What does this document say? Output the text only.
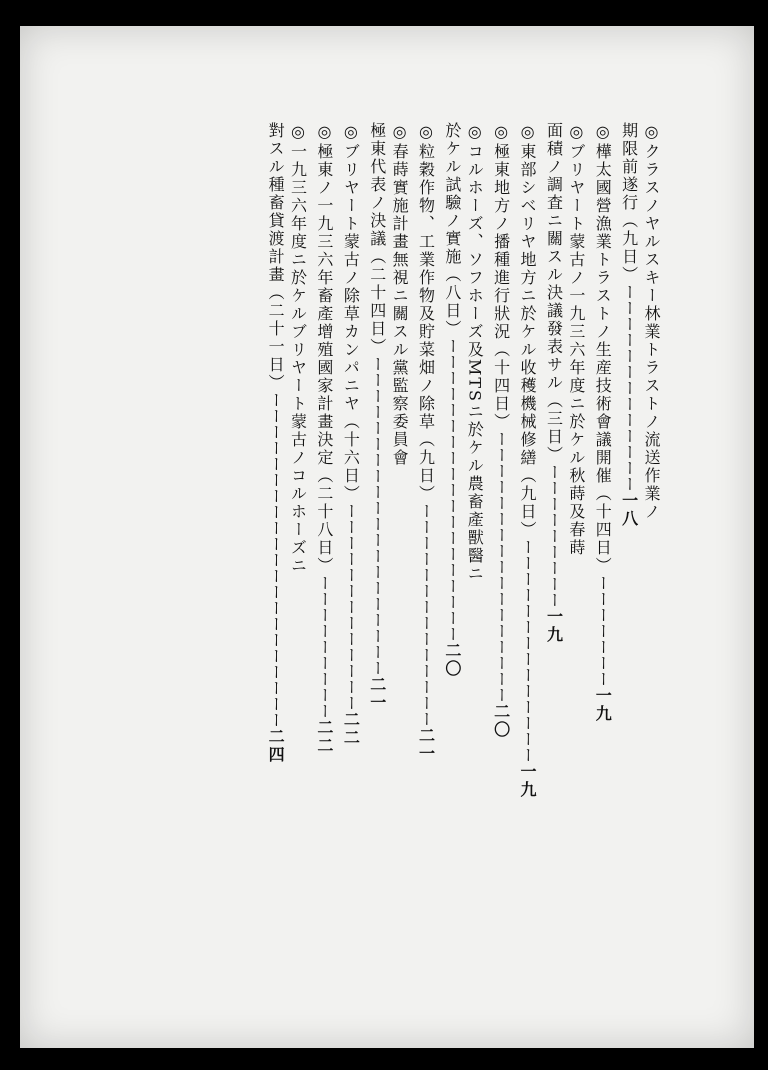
◎クラスノヤルスキー林業トラストノ流送作業ノ
期限前遂行（九日）ーーーーーーーーーーーーー一八
◎樺太國營漁業トラストノ生産技術會議開催（十四日）ーーーーーーー一九
◎ブリヤート蒙古ノ一九三六年度ニ於ケル秋蒔及春蒔
面積ノ調査ニ關スル決議發表サル（三日）ーーーーーーーーー一九
◎東部シベリヤ地方ニ於ケル收穫機械修繕（九日）ーーーーーーーーーーーーーー一九
◎極東地方ノ播種進行狀況（十四日）ーーーーーーーーーーーーーーーーー二〇
◎コルホーズ、ソフホーズ及MTSニ於ケル農畜產獸醫ニ
於ケル試驗ノ實施（八日）ーーーーーーーーーーーーーーーーーーー二〇
◎粒穀作物、工業作物及貯菜畑ノ除草（九日）ーーーーーーーーーーーーーー二一
◎春蒔實施計畫無視ニ關スル黨監察委員會
極東代表ノ決議（二十四日）ーーーーーーーーーーーーーーーーーーーー二一
◎ブリヤート蒙古ノ除草カンパニヤ（十六日）ーーーーーーーーーーーーー二二
◎極東ノ一九三六年畜產增殖國家計畫決定（二十八日）ーーーーーーーーー二二
◎一九三六年度ニ於ケルブリヤート蒙古ノコルホーズニ
對スル種畜貸渡計畫（二十一日）ーーーーーーーーーーーーーーーーーーーーー二四
